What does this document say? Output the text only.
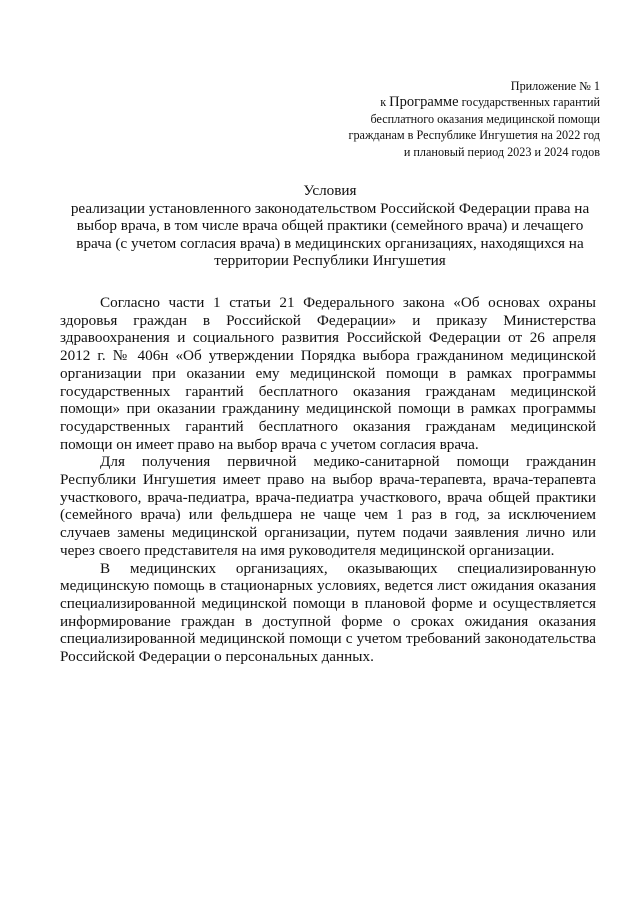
Приложение № 1
к Программе государственных гарантий
бесплатного оказания медицинской помощи
гражданам в Республике Ингушетия на 2022 год
и плановый период 2023 и 2024 годов
Условия
реализации установленного законодательством Российской Федерации права на
выбор врача, в том числе врача общей практики (семейного врача) и лечащего
врача (с учетом согласия врача) в медицинских организациях, находящихся на
территории Республики Ингушетия

Согласно части 1 статьи 21 Федерального закона «Об основах охраны здоровья граждан в Российской Федерации» и приказу Министерства здравоохранения и социального развития Российской Федерации от 26 апреля 2012 г. № 406н «Об утверждении Порядка выбора гражданином медицинской организации при оказании ему медицинской помощи в рамках программы государственных гарантий бесплатного оказания гражданам медицинской помощи» при оказании гражданину медицинской помощи в рамках программы государственных гарантий бесплатного оказания гражданам медицинской помощи он имеет право на выбор врача с учетом согласия врача.

Для получения первичной медико-санитарной помощи гражданин Республики Ингушетия имеет право на выбор врача-терапевта, врача-терапевта участкового, врача-педиатра, врача-педиатра участкового, врача общей практики (семейного врача) или фельдшера не чаще чем 1 раз в год, за исключением случаев замены медицинской организации, путем подачи заявления лично или через своего представителя на имя руководителя медицинской организации.

В медицинских организациях, оказывающих специализированную медицинскую помощь в стационарных условиях, ведется лист ожидания оказания специализированной медицинской помощи в плановой форме и осуществляется информирование граждан в доступной форме о сроках ожидания оказания специализированной медицинской помощи с учетом требований законодательства Российской Федерации о персональных данных.
